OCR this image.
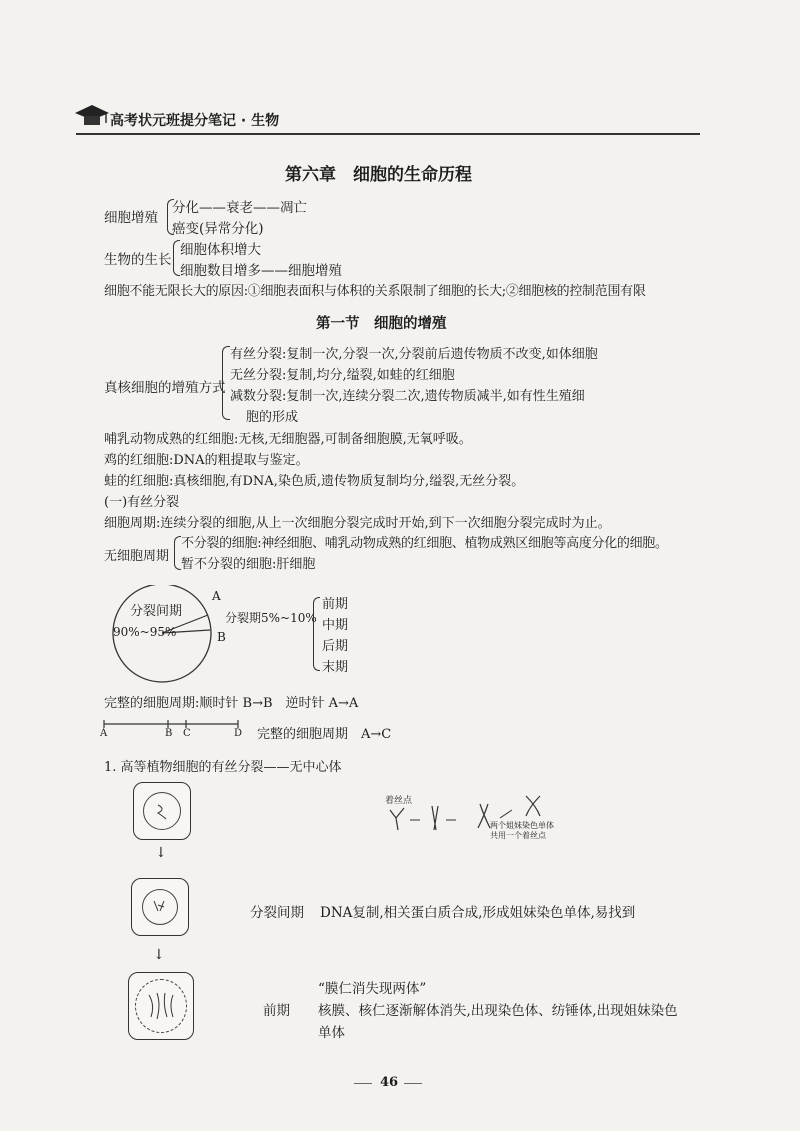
高考状元班提分笔记 · 生物
第六章　细胞的生命历程
细胞增殖
分化——衰老——凋亡
癌变(异常分化)
生物的生长
细胞体积增大
细胞数目增多——细胞增殖
细胞不能无限长大的原因:①细胞表面积与体积的关系限制了细胞的长大;②细胞核的控制范围有限
第一节　细胞的增殖
真核细胞的增殖方式
有丝分裂:复制一次,分裂一次,分裂前后遗传物质不改变,如体细胞
无丝分裂:复制,均分,缢裂,如蛙的红细胞
减数分裂:复制一次,连续分裂二次,遗传物质减半,如有性生殖细
胞的形成
哺乳动物成熟的红细胞:无核,无细胞器,可制备细胞膜,无氧呼吸。
鸡的红细胞:DNA的粗提取与鉴定。
蛙的红细胞:真核细胞,有DNA,染色质,遗传物质复制均分,缢裂,无丝分裂。
(一)有丝分裂
细胞周期:连续分裂的细胞,从上一次细胞分裂完成时开始,到下一次细胞分裂完成时为止。
无细胞周期
不分裂的细胞:神经细胞、哺乳动物成熟的红细胞、植物成熟区细胞等高度分化的细胞。
暂不分裂的细胞:肝细胞
分裂间期
90%~95%
A
B
分裂期5%~10%
前期
中期
后期
末期
完整的细胞周期:顺时针 B→B　逆时针 A→A
A	B C	D 完整的细胞周期　A→C
1. 高等植物细胞的有丝分裂——无中心体
↓
着丝点
两个姐妹染色单体
共用一个着丝点
分裂间期 DNA复制,相关蛋白质合成,形成姐妹染色单体,易找到
↓
“膜仁消失现两体”
前期 核膜、核仁逐渐解体消失,出现染色体、纺锤体,出现姐妹染色
单体
46
